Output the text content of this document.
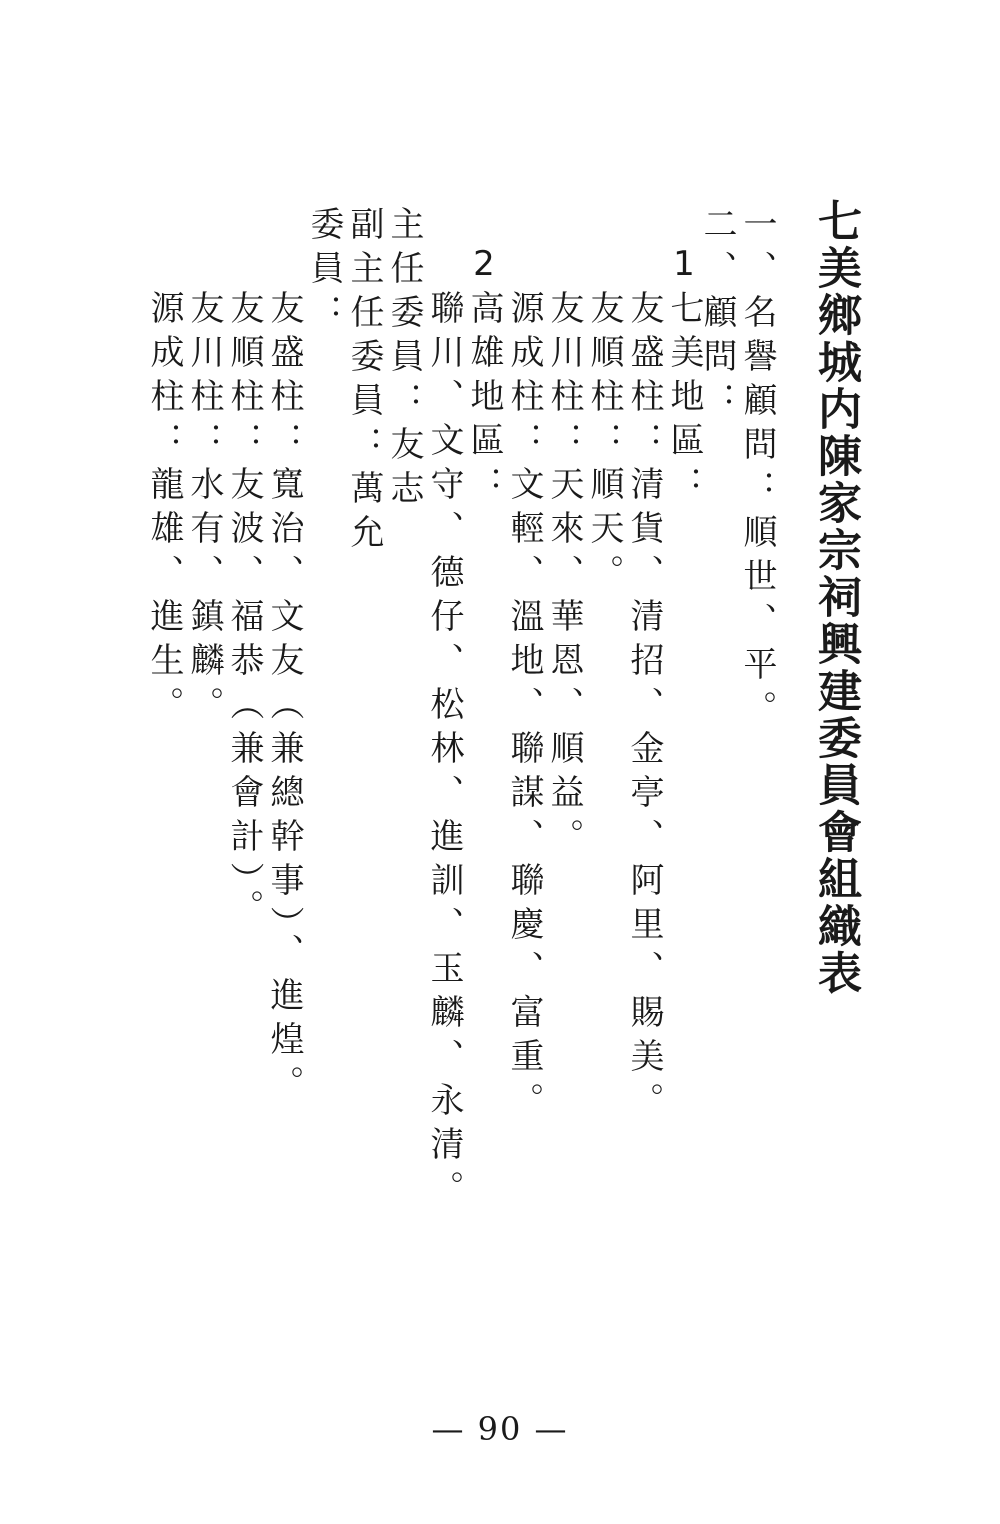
七美鄉城内陳家宗祠興建委員會組織表
一、名譽顧問：順世、平。
二、顧問：
1
七美地區：
友盛柱：清貨、清招、金亭、阿里、賜美。
友順柱：順天。
友川柱：天來、華恩、順益。
源成柱：文輕、溫地、聯謀、聯慶、富重。
2
高雄地區：
聯川、文守、德仔、松林、進訓、玉麟、永清。
主任委員：友志
副主任委員：萬允
委員：
友盛柱：寬治、文友（兼總幹事）、進煌。
友順柱：友波、福恭（兼會計）。
友川柱：水有、鎮麟。
源成柱：龍雄、進生。
— 90 —
